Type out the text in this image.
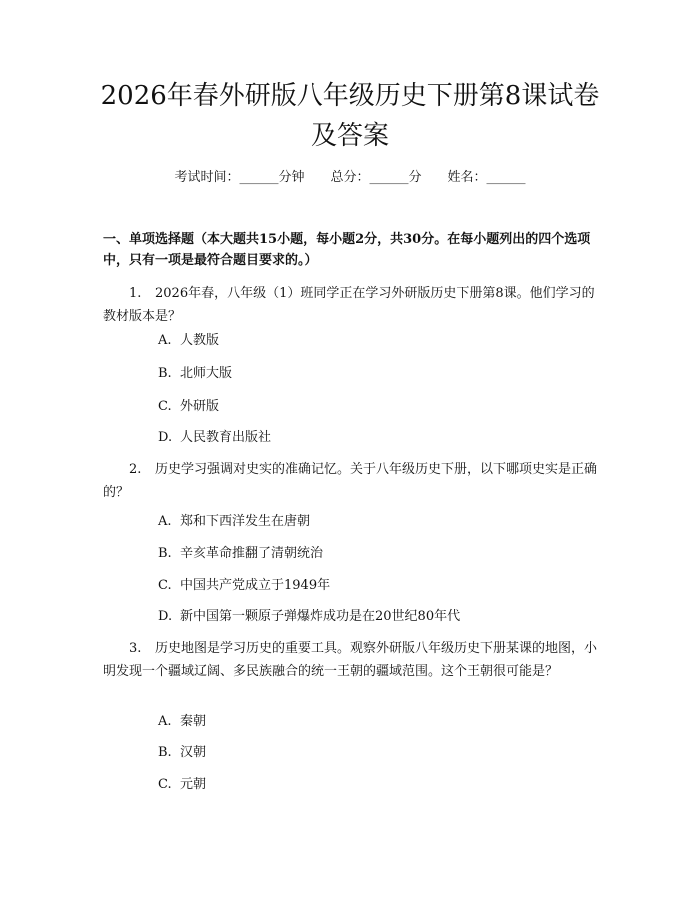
2026年春外研版八年级历史下册第8课试卷及答案
考试时间：______分钟 总分：______分 姓名：______

一、单项选择题（本大题共15小题，每小题2分，共30分。在每小题列出的四个选项中，只有一项是最符合题目要求的。）

1. 2026年春，八年级（1）班同学正在学习外研版历史下册第8课。他们学习的教材版本是？

A. 人教版
B. 北师大版
C. 外研版
D. 人民教育出版社

2. 历史学习强调对史实的准确记忆。关于八年级历史下册，以下哪项史实是正确的？

A. 郑和下西洋发生在唐朝
B. 辛亥革命推翻了清朝统治
C. 中国共产党成立于1949年
D. 新中国第一颗原子弹爆炸成功是在20世纪80年代

3. 历史地图是学习历史的重要工具。观察外研版八年级历史下册某课的地图，小明发现一个疆域辽阔、多民族融合的统一王朝的疆域范围。这个王朝很可能是？

A. 秦朝
B. 汉朝
C. 元朝
